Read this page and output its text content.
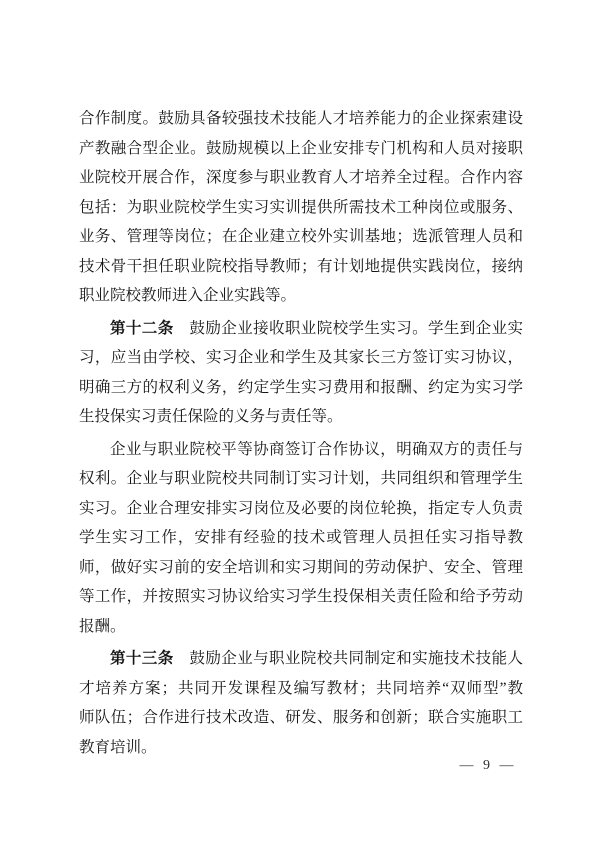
合作制度。鼓励具备较强技术技能人才培养能力的企业探索建设
产教融合型企业。鼓励规模以上企业安排专门机构和人员对接职
业院校开展合作，深度参与职业教育人才培养全过程。合作内容
包括：为职业院校学生实习实训提供所需技术工种岗位或服务、
业务、管理等岗位；在企业建立校外实训基地；选派管理人员和
技术骨干担任职业院校指导教师；有计划地提供实践岗位，接纳
职业院校教师进入企业实践等。
第十二条　鼓励企业接收职业院校学生实习。学生到企业实
习，应当由学校、实习企业和学生及其家长三方签订实习协议，
明确三方的权利义务，约定学生实习费用和报酬、约定为实习学
生投保实习责任保险的义务与责任等。
企业与职业院校平等协商签订合作协议，明确双方的责任与
权利。企业与职业院校共同制订实习计划，共同组织和管理学生
实习。企业合理安排实习岗位及必要的岗位轮换，指定专人负责
学生实习工作，安排有经验的技术或管理人员担任实习指导教
师，做好实习前的安全培训和实习期间的劳动保护、安全、管理
等工作，并按照实习协议给实习学生投保相关责任险和给予劳动
报酬。
第十三条　鼓励企业与职业院校共同制定和实施技术技能人
才培养方案；共同开发课程及编写教材；共同培养“双师型”教
师队伍；合作进行技术改造、研发、服务和创新；联合实施职工
教育培训。
— 9 —
